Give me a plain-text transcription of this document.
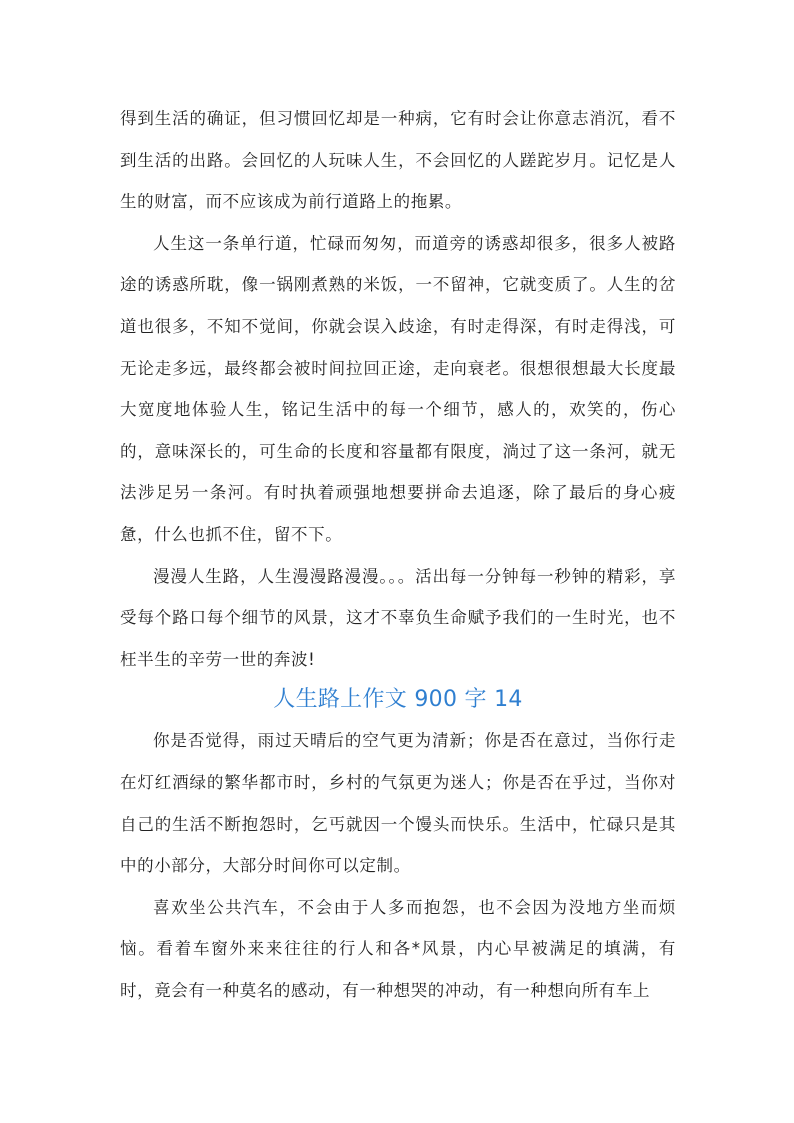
得到生活的确证，但习惯回忆却是一种病，它有时会让你意志消沉，看不到生活的出路。会回忆的人玩味人生，不会回忆的人蹉跎岁月。记忆是人生的财富，而不应该成为前行道路上的拖累。

人生这一条单行道，忙碌而匆匆，而道旁的诱惑却很多，很多人被路途的诱惑所耽，像一锅刚煮熟的米饭，一不留神，它就变质了。人生的岔道也很多，不知不觉间，你就会误入歧途，有时走得深，有时走得浅，可无论走多远，最终都会被时间拉回正途，走向衰老。很想很想最大长度最大宽度地体验人生，铭记生活中的每一个细节，感人的，欢笑的，伤心的，意味深长的，可生命的长度和容量都有限度，淌过了这一条河，就无法涉足另一条河。有时执着顽强地想要拼命去追逐，除了最后的身心疲惫，什么也抓不住，留不下。

漫漫人生路，人生漫漫路漫漫。。。活出每一分钟每一秒钟的精彩，享受每个路口每个细节的风景，这才不辜负生命赋予我们的一生时光，也不枉半生的辛劳一世的奔波!

人生路上作文 900 字 14

你是否觉得，雨过天晴后的空气更为清新；你是否在意过，当你行走在灯红酒绿的繁华都市时，乡村的气氛更为迷人；你是否在乎过，当你对自己的生活不断抱怨时，乞丐就因一个馒头而快乐。生活中，忙碌只是其中的小部分，大部分时间你可以定制。

喜欢坐公共汽车，不会由于人多而抱怨，也不会因为没地方坐而烦恼。看着车窗外来来往往的行人和各*风景，内心早被满足的填满，有时，竟会有一种莫名的感动，有一种想哭的冲动，有一种想向所有车上
